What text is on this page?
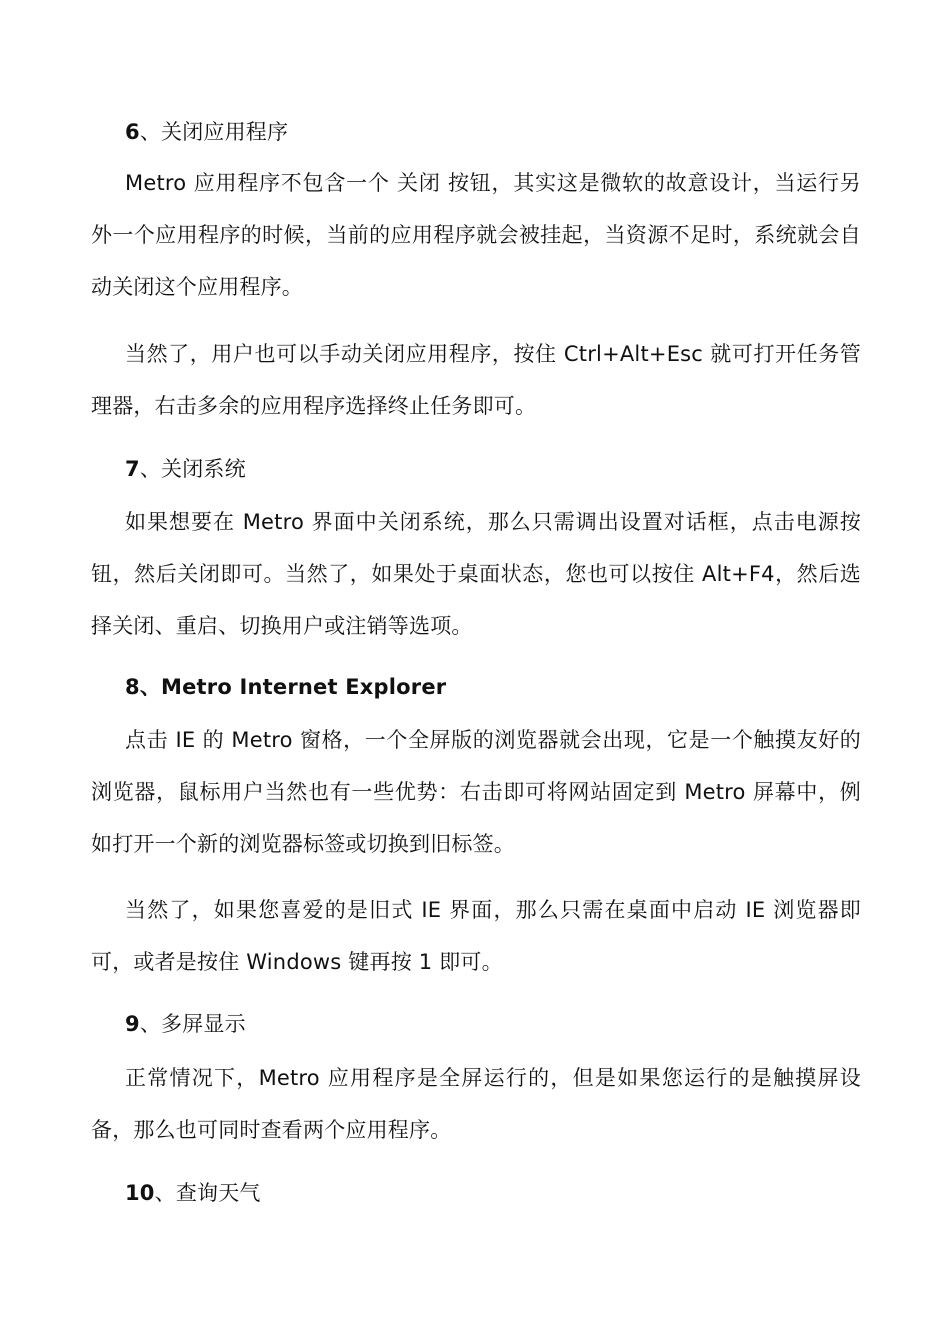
6、关闭应用程序
Metro 应用程序不包含一个 关闭 按钮，其实这是微软的故意设计，当运行另外一个应用程序的时候，当前的应用程序就会被挂起，当资源不足时，系统就会自动关闭这个应用程序。
当然了，用户也可以手动关闭应用程序，按住 Ctrl+Alt+Esc 就可打开任务管理器，右击多余的应用程序选择终止任务即可。
7、关闭系统
如果想要在 Metro 界面中关闭系统，那么只需调出设置对话框，点击电源按钮，然后关闭即可。当然了，如果处于桌面状态，您也可以按住 Alt+F4，然后选择关闭、重启、切换用户或注销等选项。
8、Metro Internet Explorer
点击 IE 的 Metro 窗格，一个全屏版的浏览器就会出现，它是一个触摸友好的浏览器，鼠标用户当然也有一些优势：右击即可将网站固定到 Metro 屏幕中，例如打开一个新的浏览器标签或切换到旧标签。
当然了，如果您喜爱的是旧式 IE 界面，那么只需在桌面中启动 IE 浏览器即可，或者是按住 Windows 键再按 1 即可。
9、多屏显示
正常情况下，Metro 应用程序是全屏运行的，但是如果您运行的是触摸屏设备，那么也可同时查看两个应用程序。
10、查询天气
